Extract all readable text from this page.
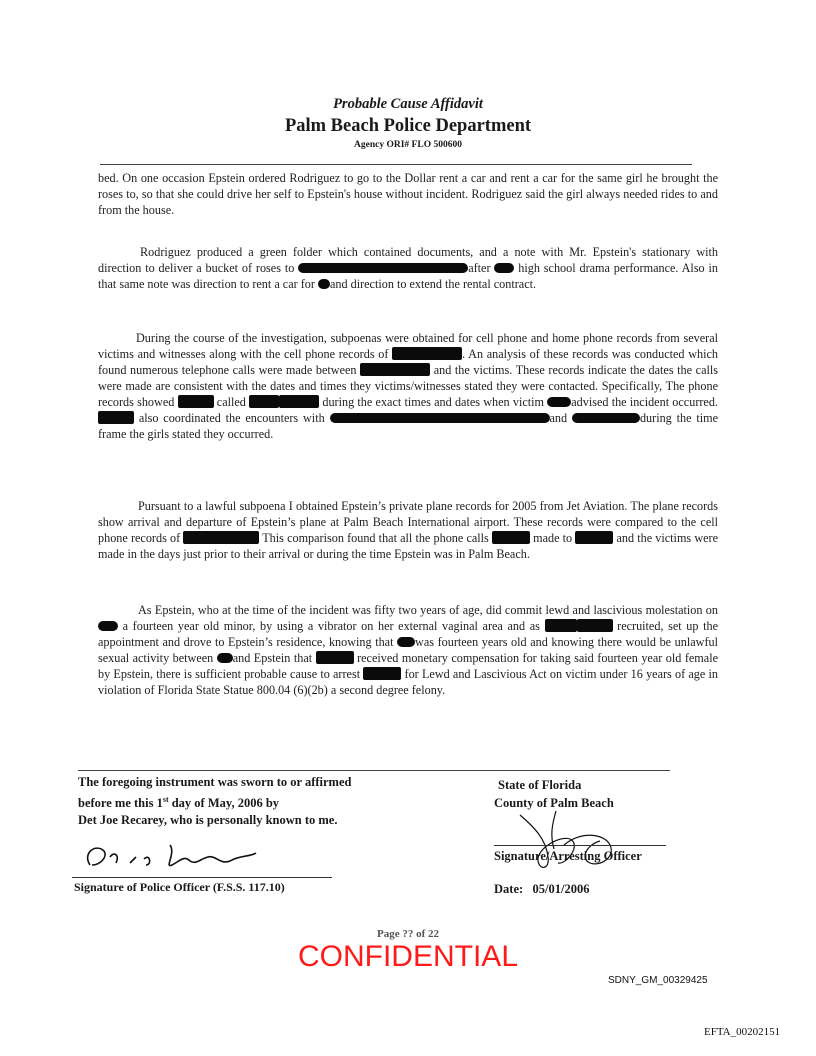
Probable Cause Affidavit
Palm Beach Police Department
Agency ORI# FLO 500600

bed. On one occasion Epstein ordered Rodriguez to go to the Dollar rent a car and rent a car for the same girl he brought the roses to, so that she could drive her self to Epstein's house without incident. Rodriguez said the girl always needed rides to and from the house.

Rodriguez produced a green folder which contained documents, and a note with Mr. Epstein's stationary with direction to deliver a bucket of roses to	after  high school drama performance. Also in that same note was direction to rent a car for and direction to extend the rental contract.

During the course of the investigation, subpoenas were obtained for cell phone and home phone records from several victims and witnesses along with the cell phone records of	. An analysis of these records was conducted which found numerous telephone calls were made between	and the victims. These records indicate the dates the calls were made are consistent with the dates and times they victims/witnesses stated they were contacted. Specifically, The phone records showed	called	during the exact times and dates when victim advised the incident occurred.  also coordinated the encounters with	and	during the time frame the girls stated they occurred.

Pursuant to a lawful subpoena I obtained Epstein’s private plane records for 2005 from Jet Aviation. The plane records show arrival and departure of Epstein’s plane at Palm Beach International airport. These records were compared to the cell phone records of	This comparison found that all the phone calls	made to	and the victims were made in the days just prior to their arrival or during the time Epstein was in Palm Beach.

As Epstein, who at the time of the incident was fifty two years of age, did commit lewd and lascivious molestation on  a fourteen year old minor, by using a vibrator on her external vaginal area and as	recruited, set up the appointment and drove to Epstein’s residence, knowing that was fourteen years old and knowing there would be unlawful sexual activity between and Epstein that	received monetary compensation for taking said fourteen year old female by Epstein, there is sufficient probable cause to arrest	for Lewd and Lascivious Act on victim under 16 years of age in violation of Florida State Statue 800.04 (6)(2b) a second degree felony.

The foregoing instrument was sworn to or affirmed
before me this 1st day of May, 2006 by
Det Joe Recarey, who is personally known to me.
Signature of Police Officer (F.S.S. 117.10)
State of Florida
County of Palm Beach
Signature/Arresting Officer
Date: 05/01/2006
Page ?? of 22
CONFIDENTIAL
SDNY_GM_00329425
EFTA_00202151
